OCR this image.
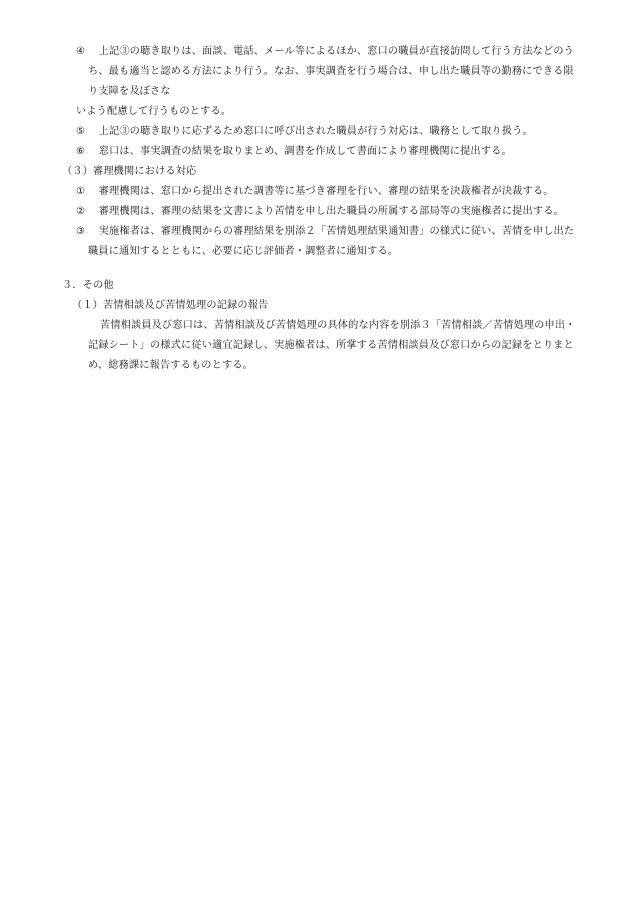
④ 上記③の聴き取りは、面談、電話、メール等によるほか、窓口の職員が直接訪問して行う方法などのう
ち、最も適当と認める方法により行う。なお、事実調査を行う場合は、申し出た職員等の勤務にできる限
り支障を及ぼさな
いよう配慮して行うものとする。
⑤ 上記③の聴き取りに応ずるため窓口に呼び出された職員が行う対応は、職務として取り扱う。
⑥ 窓口は、事実調査の結果を取りまとめ、調書を作成して書面により審理機関に提出する。
（３）審理機関における対応
① 審理機関は、窓口から提出された調書等に基づき審理を行い、審理の結果を決裁権者が決裁する。
② 審理機関は、審理の結果を文書により苦情を申し出た職員の所属する部局等の実施権者に提出する。
③ 実施権者は、審理機関からの審理結果を別添２「苦情処理結果通知書」の様式に従い、苦情を申し出た
職員に通知するとともに、必要に応じ評価者・調整者に通知する。
３．その他
（１）苦情相談及び苦情処理の記録の報告
苦情相談員及び窓口は、苦情相談及び苦情処理の具体的な内容を別添３「苦情相談／苦情処理の申出・
記録シート」の様式に従い適宜記録し、実施権者は、所掌する苦情相談員及び窓口からの記録をとりまと
め、総務課に報告するものとする。
